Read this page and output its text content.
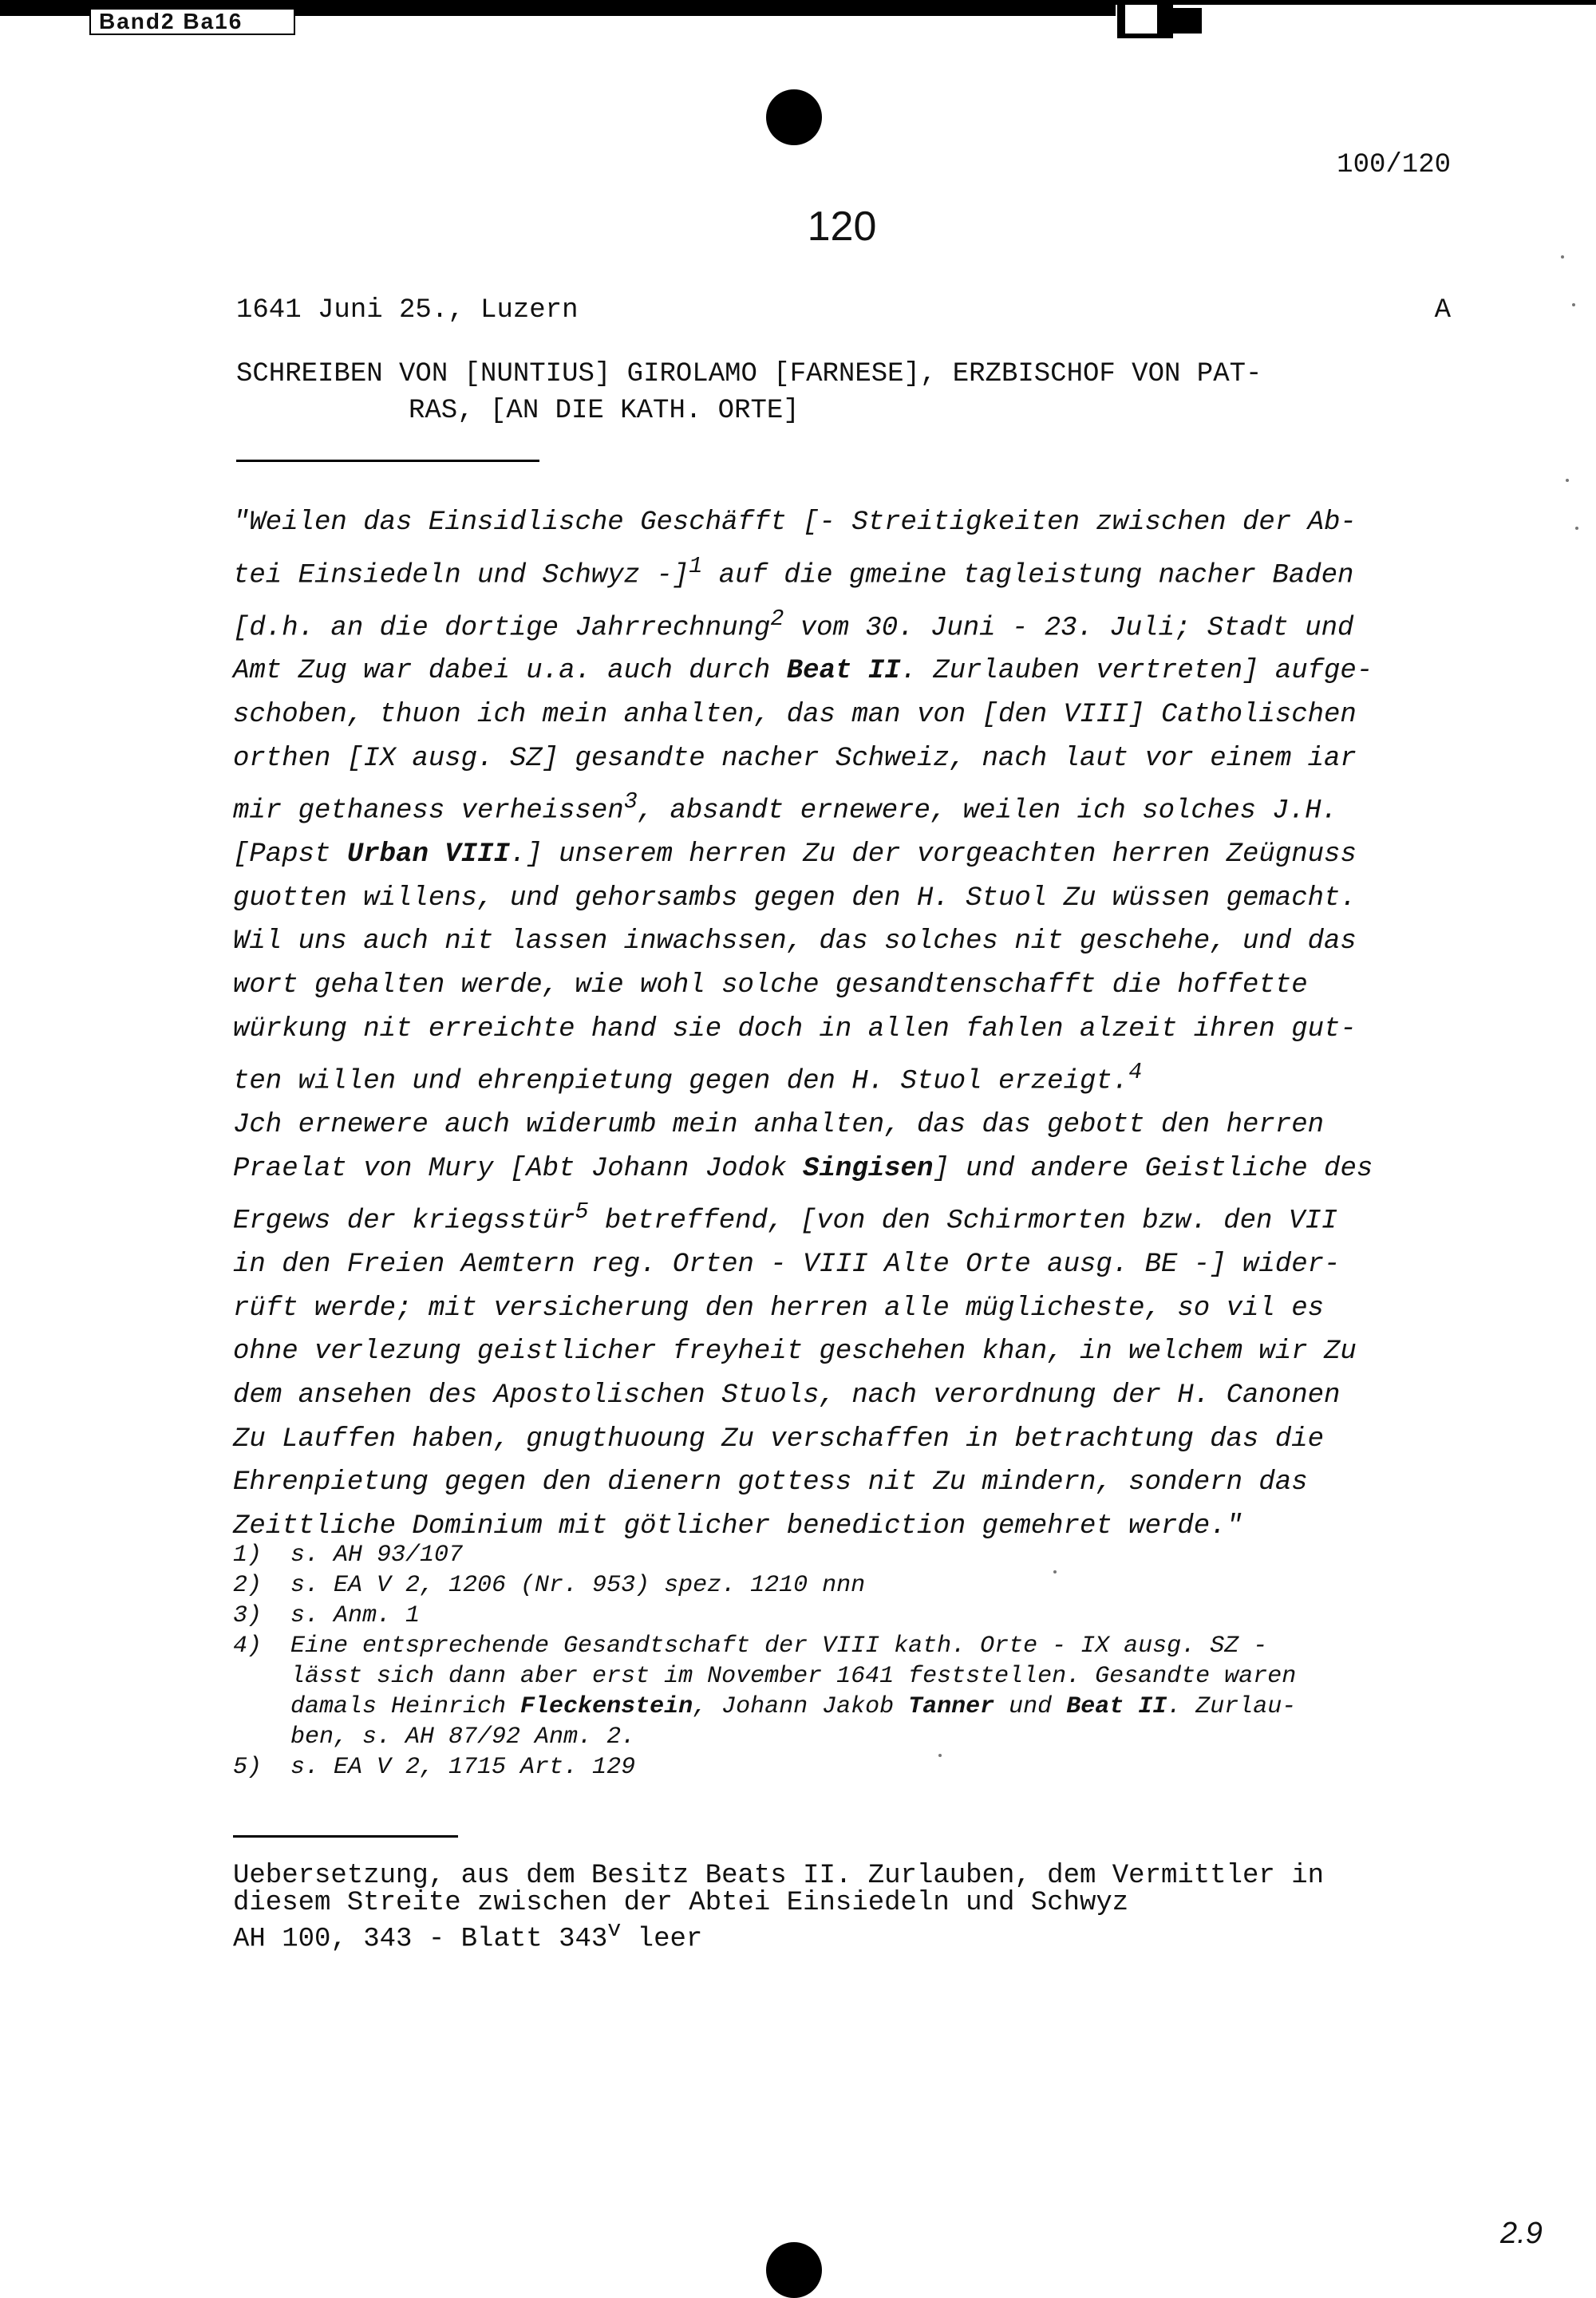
Band2 Ba16
100/120
120
1641 Juni 25., Luzern	A
SCHREIBEN VON [NUNTIUS] GIROLAMO [FARNESE], ERZBISCHOF VON PAT-
RAS, [AN DIE KATH. ORTE]
"Weilen das Einsidlische Geschäfft [- Streitigkeiten zwischen der Ab-
tei Einsiedeln und Schwyz -]$^1$ auf die gmeine tagleistung nacher Baden
[d.h. an die dortige Jahrrechnung$^2$ vom 30. Juni - 23. Juli; Stadt und
Amt Zug war dabei u.a. auch durch Beat II. Zurlauben vertreten] aufge-
schoben, thuon ich mein anhalten, das man von [den VIII] Catholischen
orthen [IX ausg. SZ] gesandte nacher Schweiz, nach laut vor einem iar
mir gethaness verheissen$^3$, absandt ernewere, weilen ich solches J.H.
[Papst Urban VIII.] unserem herren Zu der vorgeachten herren Zeügnuss
guotten willens, und gehorsambs gegen den H. Stuol Zu wüssen gemacht.
Wil uns auch nit lassen inwachssen, das solches nit geschehe, und das
wort gehalten werde, wie wohl solche gesandtenschafft die hoffette
würkung nit erreichte hand sie doch in allen fahlen alzeit ihren gut-
ten willen und ehrenpietung gegen den H. Stuol erzeigt.$^4$
Jch ernewere auch widerumb mein anhalten, das das gebott den herren
Praelat von Mury [Abt Johann Jodok Singisen] und andere Geistliche des
Ergews der kriegsstür$^5$ betreffend, [von den Schirmorten bzw. den VII
in den Freien Aemtern reg. Orten - VIII Alte Orte ausg. BE -] wider-
rüft werde; mit versicherung den herren alle müglicheste, so vil es
ohne verlezung geistlicher freyheit geschehen khan, in welchem wir Zu
dem ansehen des Apostolischen Stuols, nach verordnung der H. Canonen
Zu Lauffen haben, gnugthuoung Zu verschaffen in betrachtung das die
Ehrenpietung gegen den dienern gottess nit Zu mindern, sondern das
Zeittliche Dominium mit götlicher benediction gemehret werde."
1)	s. AH 93/107
2)	s. EA V 2, 1206 (Nr. 953) spez. 1210 nnn
3)	s. Anm. 1
4)	Eine entsprechende Gesandtschaft der VIII kath. Orte - IX ausg. SZ -
lässt sich dann aber erst im November 1641 feststellen. Gesandte waren
damals Heinrich Fleckenstein, Johann Jakob Tanner und Beat II. Zurlau-
ben, s. AH 87/92 Anm. 2.
5)	s. EA V 2, 1715 Art. 129
Uebersetzung, aus dem Besitz Beats II. Zurlauben, dem Vermittler in
diesem Streite zwischen der Abtei Einsiedeln und Schwyz
AH 100, 343 - Blatt 343$^v$ leer
2.9
